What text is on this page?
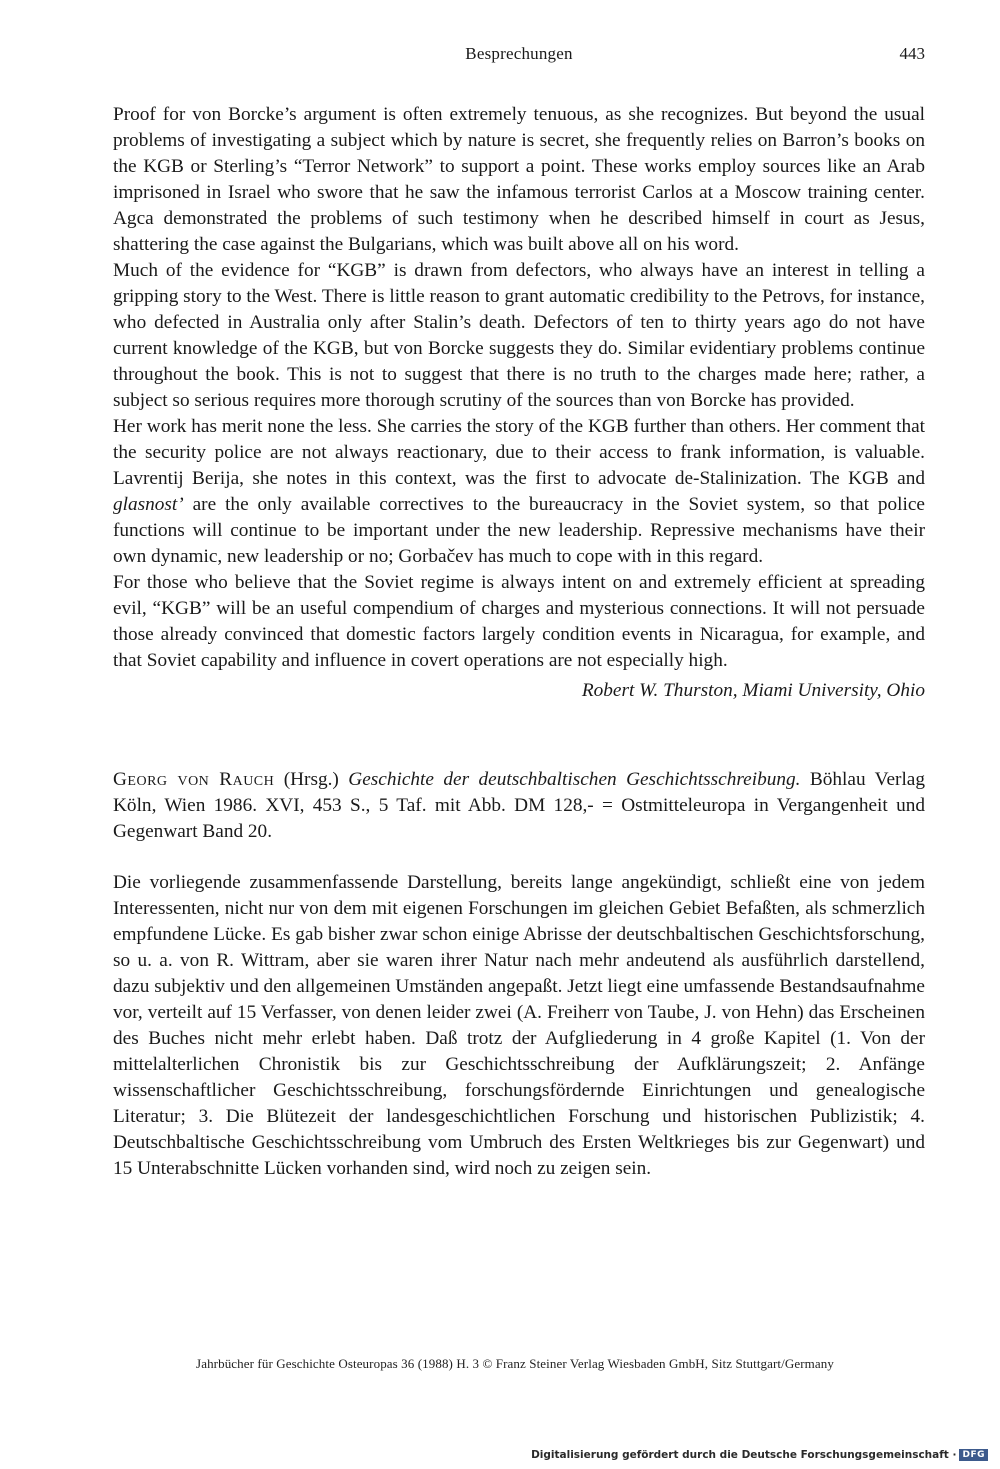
Besprechungen	443

Proof for von Borcke’s argument is often extremely tenuous, as she recognizes. But beyond the usual problems of investigating a subject which by nature is secret, she frequently relies on Barron’s books on the KGB or Sterling’s “Terror Network” to support a point. These works employ sources like an Arab imprisoned in Israel who swore that he saw the infamous terrorist Carlos at a Moscow training center. Agca demonstrated the problems of such testimony when he described himself in court as Jesus, shattering the case against the Bulgarians, which was built above all on his word.

Much of the evidence for “KGB” is drawn from defectors, who always have an interest in telling a gripping story to the West. There is little reason to grant automatic credibility to the Petrovs, for instance, who defected in Australia only after Stalin’s death. Defectors of ten to thirty years ago do not have current knowledge of the KGB, but von Borcke suggests they do. Similar evidentiary problems continue throughout the book. This is not to suggest that there is no truth to the charges made here; rather, a subject so serious requires more thorough scrutiny of the sources than von Borcke has provided.

Her work has merit none the less. She carries the story of the KGB further than others. Her comment that the security police are not always reactionary, due to their access to frank information, is valuable. Lavrentij Berija, she notes in this context, was the first to advocate de-Stalinization. The KGB and glasnost’ are the only available correctives to the bureaucracy in the Soviet system, so that police functions will continue to be important under the new leadership. Repressive mechanisms have their own dynamic, new leadership or no; Gorbačev has much to cope with in this regard.

For those who believe that the Soviet regime is always intent on and extremely efficient at spreading evil, “KGB” will be an useful compendium of charges and mysterious connections. It will not persuade those already convinced that domestic factors largely condition events in Nicaragua, for example, and that Soviet capability and influence in covert operations are not especially high.

Robert W. Thurston, Miami University, Ohio

Georg von Rauch (Hrsg.) Geschichte der deutschbaltischen Geschichtsschreibung. Böhlau Verlag Köln, Wien 1986. XVI, 453 S., 5 Taf. mit Abb. DM 128,- = Ostmitteleuropa in Vergangenheit und Gegenwart Band 20.

Die vorliegende zusammenfassende Darstellung, bereits lange angekündigt, schließt eine von jedem Interessenten, nicht nur von dem mit eigenen Forschungen im gleichen Gebiet Befaßten, als schmerzlich empfundene Lücke. Es gab bisher zwar schon einige Abrisse der deutschbaltischen Geschichtsforschung, so u. a. von R. Wittram, aber sie waren ihrer Natur nach mehr andeutend als ausführlich darstellend, dazu subjektiv und den allgemeinen Umständen angepaßt. Jetzt liegt eine umfassende Bestandsaufnahme vor, verteilt auf 15 Verfasser, von denen leider zwei (A. Freiherr von Taube, J. von Hehn) das Erscheinen des Buches nicht mehr erlebt haben. Daß trotz der Aufgliederung in 4 große Kapitel (1. Von der mittelalterlichen Chronistik bis zur Geschichtsschreibung der Aufklärungszeit; 2. Anfänge wissenschaftlicher Geschichtsschreibung, forschungsfördernde Einrichtungen und genealogische Literatur; 3. Die Blütezeit der landesgeschichtlichen Forschung und historischen Publizistik; 4. Deutschbaltische Geschichtsschreibung vom Umbruch des Ersten Weltkrieges bis zur Gegenwart) und 15 Unterabschnitte Lücken vorhanden sind, wird noch zu zeigen sein.

Jahrbücher für Geschichte Osteuropas 36 (1988) H. 3 © Franz Steiner Verlag Wiesbaden GmbH, Sitz Stuttgart/Germany
Digitalisierung gefördert durch die Deutsche Forschungsgemeinschaft · DFG
